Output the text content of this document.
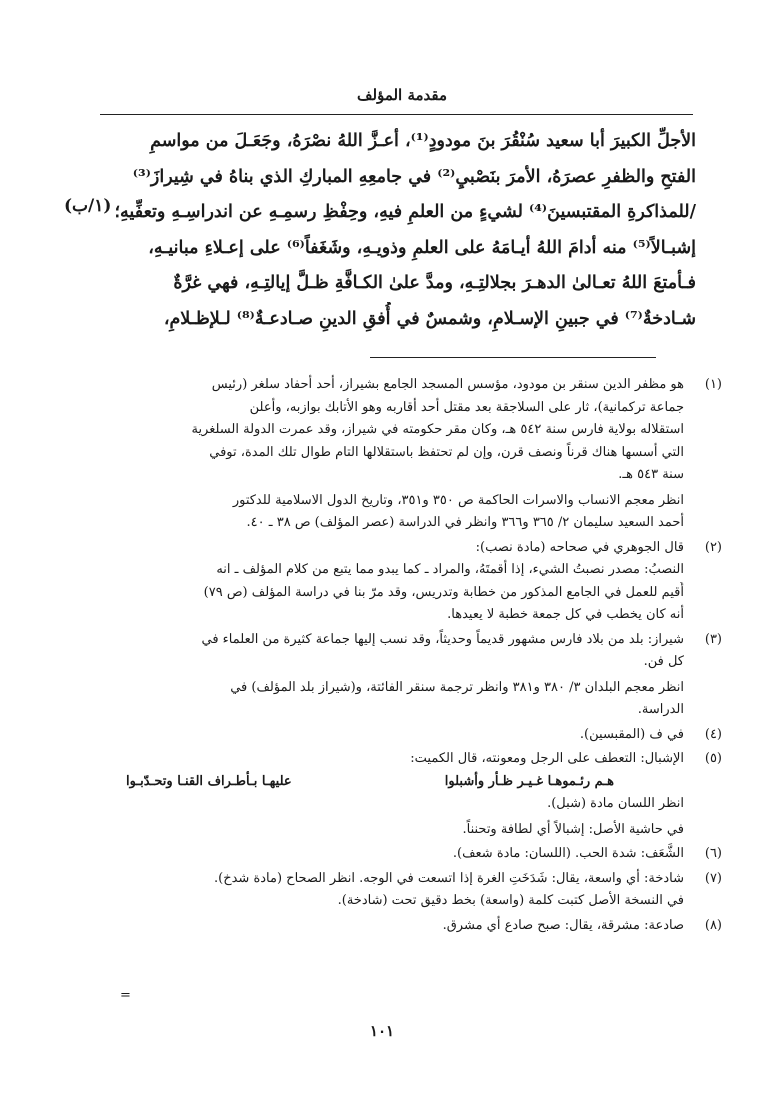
مقدمة المؤلف
الأجلِّ الكبيرَ أبا سعيد سُنْقُرَ بنَ مودودٍ⁽¹⁾، أعـزَّ اللهُ نصْرَهُ، وجَعَـلَ من مواسمِ
الفتحِ والظفرِ عصرَهُ، الأمرَ بنَصْبيِ⁽²⁾ في جامعِهِ المباركِ الذي بناهُ في شِيرازَ⁽³⁾
/للمذاكرةِ المقتبسينَ⁽⁴⁾ لشيءٍ من العلمِ فيهِ، وحِفْظِ رسمِـهِ عن اندراسِـهِ وتعفِّيهِ؛
إشبـالاً⁽⁵⁾ منه أدامَ اللهُ أيـامَهُ على العلمِ وذويـهِ، وشَغَفاً⁽⁶⁾ على إعـلاءِ مبانيـهِ،
فـأمتعَ اللهُ تعـالىٰ الدهـرَ بجلالتِـهِ، ومدَّ علىٰ الكـافَّةِ ظـلَّ إيالتِـهِ، فهي غرَّةٌ
شـادخةٌ⁽⁷⁾ في جبينِ الإسـلامِ، وشمسٌ في أُفقِ الدينِ صـادعـةٌ⁽⁸⁾ لـلإظـلامِ،
(١/ب)
(١)
هو مظفر الدين سنقر بن مودود، مؤسس المسجد الجامع بشيراز، أحد أحفاد سلغر (رئيس
جماعة تركمانية)، ثار على السلاجقة بعد مقتل أحد أقاربه وهو الأتابك بوازبه، وأعلن
استقلاله بولاية فارس سنة ٥٤٢ هـ، وكان مقر حكومته في شيراز، وقد عمرت الدولة السلغرية
التي أسسها هناك قرناً ونصف قرن، وإن لم تحتفظ باستقلالها التام طوال تلك المدة، توفي
سنة ٥٤٣ هـ.
انظر معجم الانساب والاسرات الحاكمة ص ٣٥٠ و٣٥١، وتاريخ الدول الاسلامية للدكتور
أحمد السعيد سليمان ٢/ ٣٦٥ و٣٦٦ وانظر في الدراسة (عصر المؤلف) ص ٣٨ ـ ٤٠.
(٢)
قال الجوهري في صحاحه (مادة نصب):
النصبُ: مصدر نصبتُ الشيء، إذا أقمتَهُ، والمراد ـ كما يبدو مما يتبع من كلام المؤلف ـ انه
أُقيم للعمل في الجامع المذكور من خطابة وتدريس، وقد مرّ بنا في دراسة المؤلف (ص ٧٩)
أنه كان يخطب في كل جمعة خطبة لا يعيدها.
(٣)
شيراز: بلد من بلاد فارس مشهور قديماً وحديثاً، وقد نسب إليها جماعة كثيرة من العلماء في
كل فن.
انظر معجم البلدان ٣/ ٣٨٠ و٣٨١ وانظر ترجمة سنقر الفائتة، و(شيراز بلد المؤلف) في
الدراسة.
(٤)
في ف (المقبسين).
(٥)
الإشبال: التعطف على الرجل ومعونته، قال الكميت:
هـم رئـموهـا غـيـر ظـأر وأشبلوا
عليهـا بـأطـراف القنـا وتحـدّبـوا
انظر اللسان مادة (شبل).
في حاشية الأصل: إشبالاً أي لطافة وتحنناً.
(٦)
الشَّعَف: شدة الحب. (اللسان: مادة شعف).
(٧)
شادخة: أي واسعة، يقال: شَدَخَتِ الغرة إذا اتسعت في الوجه. انظر الصحاح (مادة شدخ).
في النسخة الأصل كتبت كلمة (واسعة) بخط دقيق تحت (شادخة).
(٨)
صادعة: مشرقة، يقال: صبح صادع أي مشرق.
=
١٠١
